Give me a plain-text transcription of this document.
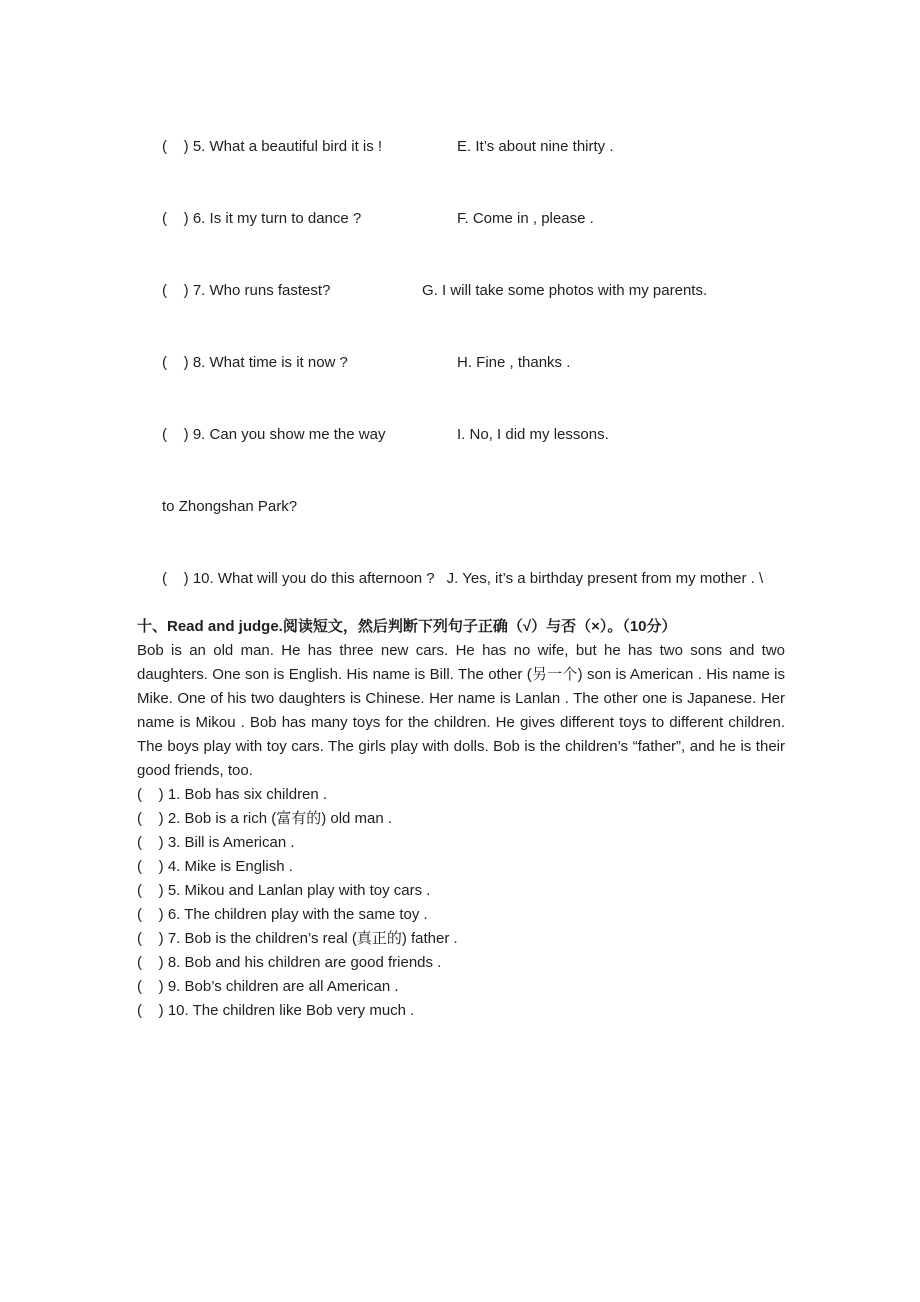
(    ) 5. What a beautiful bird it is !	E. It’s about nine thirty .

(    ) 6. Is it my turn to dance ?	F. Come in , please .

(    ) 7. Who runs fastest?	G. I will take some photos with my parents.

(    ) 8. What time is it now ?	H. Fine , thanks .

(    ) 9. Can you show me the way	I. No, I did my lessons.

to Zhongshan Park?

(    ) 10. What will you do this afternoon ? J. Yes, it’s a birthday present from my mother . \

十、Read and judge.阅读短文，然后判断下列句子正确（√）与否（×）。（10分）

Bob is an old man. He has three new cars. He has no wife, but he has two sons and two daughters. One son is English. His name is Bill. The other (另一个) son is American . His name is Mike. One of his two daughters is Chinese. Her name is Lanlan . The other one is Japanese. Her name is Mikou . Bob has many toys for the children. He gives different toys to different children. The boys play with toy cars. The girls play with dolls. Bob is the children’s “father”, and he is their good friends, too.

(    ) 1. Bob has six children .
(    ) 2. Bob is a rich (富有的) old man .
(    ) 3. Bill is American .
(    ) 4. Mike is English .
(    ) 5. Mikou and Lanlan play with toy cars .
(    ) 6. The children play with the same toy .
(    ) 7. Bob is the children’s real (真正的) father .
(    ) 8. Bob and his children are good friends .
(    ) 9. Bob’s children are all American .
(    ) 10. The children like Bob very much .
